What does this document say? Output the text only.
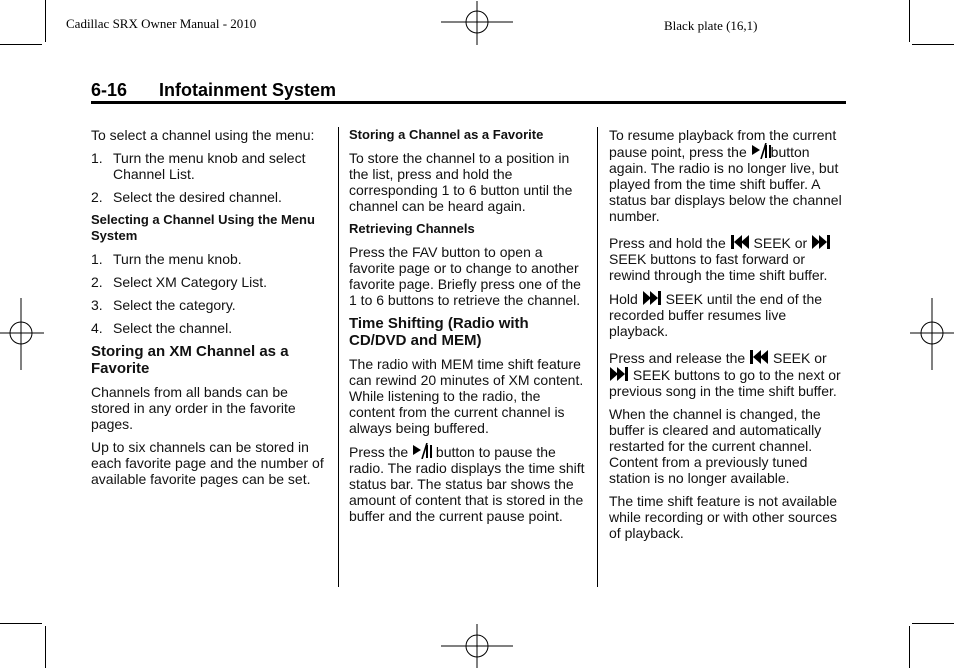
Cadillac SRX Owner Manual - 2010	Black plate (16,1)
6-16 Infotainment System

To select a channel using the menu:

1. Turn the menu knob and select Channel List.
2. Select the desired channel.

Selecting a Channel Using the Menu System

1. Turn the menu knob.
2. Select XM Category List.
3. Select the category.
4. Select the channel.

Storing an XM Channel as a Favorite

Channels from all bands can be stored in any order in the favorite pages.

Up to six channels can be stored in each favorite page and the number of available favorite pages can be set.

Storing a Channel as a Favorite

To store the channel to a position in the list, press and hold the corresponding 1 to 6 button until the channel can be heard again.

Retrieving Channels

Press the FAV button to open a favorite page or to change to another favorite page. Briefly press one of the 1 to 6 buttons to retrieve the channel.

Time Shifting (Radio with CD/DVD and MEM)

The radio with MEM time shift feature can rewind 20 minutes of XM content. While listening to the radio, the content from the current channel is always being buffered.

Press the button to pause the radio. The radio displays the time shift status bar. The status bar shows the amount of content that is stored in the buffer and the current pause point.

To resume playback from the current pause point, press the button again. The radio is no longer live, but played from the time shift buffer. A status bar displays below the channel number.

Press and hold the SEEK or  SEEK buttons to fast forward or rewind through the time shift buffer.

Hold SEEK until the end of the recorded buffer resumes live playback.

Press and release the SEEK or  SEEK buttons to go to the next or previous song in the time shift buffer.

When the channel is changed, the buffer is cleared and automatically restarted for the current channel. Content from a previously tuned station is no longer available.

The time shift feature is not available while recording or with other sources of playback.
